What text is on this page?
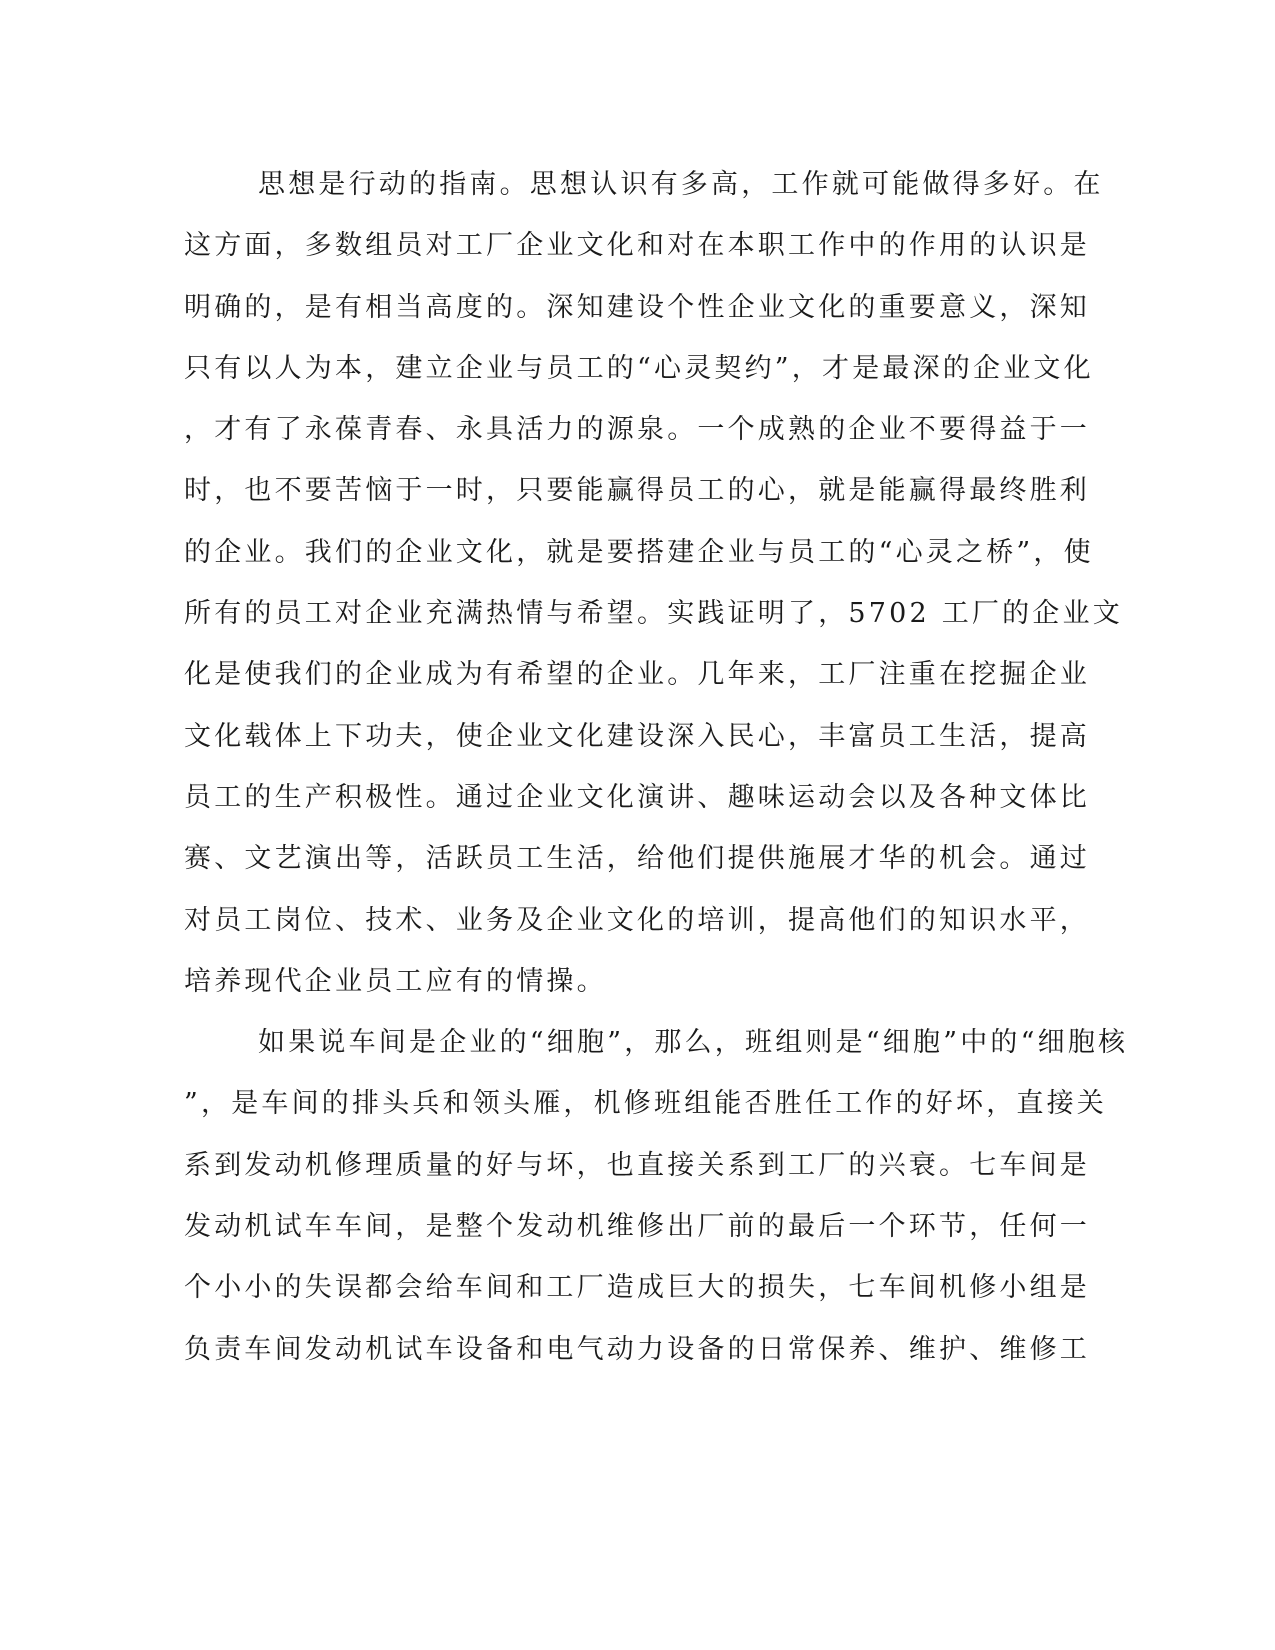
思想是行动的指南。思想认识有多高，工作就可能做得多好。在
这方面，多数组员对工厂企业文化和对在本职工作中的作用的认识是
明确的，是有相当高度的。深知建设个性企业文化的重要意义，深知
只有以人为本，建立企业与员工的“心灵契约”，才是最深的企业文化
，才有了永葆青春、永具活力的源泉。一个成熟的企业不要得益于一
时，也不要苦恼于一时，只要能赢得员工的心，就是能赢得最终胜利
的企业。我们的企业文化，就是要搭建企业与员工的“心灵之桥”，使
所有的员工对企业充满热情与希望。实践证明了，5702 工厂的企业文
化是使我们的企业成为有希望的企业。几年来，工厂注重在挖掘企业
文化载体上下功夫，使企业文化建设深入民心，丰富员工生活，提高
员工的生产积极性。通过企业文化演讲、趣味运动会以及各种文体比
赛、文艺演出等，活跃员工生活，给他们提供施展才华的机会。通过
对员工岗位、技术、业务及企业文化的培训，提高他们的知识水平，
培养现代企业员工应有的情操。
如果说车间是企业的“细胞”，那么，班组则是“细胞”中的“细胞核
”，是车间的排头兵和领头雁，机修班组能否胜任工作的好坏，直接关
系到发动机修理质量的好与坏，也直接关系到工厂的兴衰。七车间是
发动机试车车间，是整个发动机维修出厂前的最后一个环节，任何一
个小小的失误都会给车间和工厂造成巨大的损失，七车间机修小组是
负责车间发动机试车设备和电气动力设备的日常保养、维护、维修工
